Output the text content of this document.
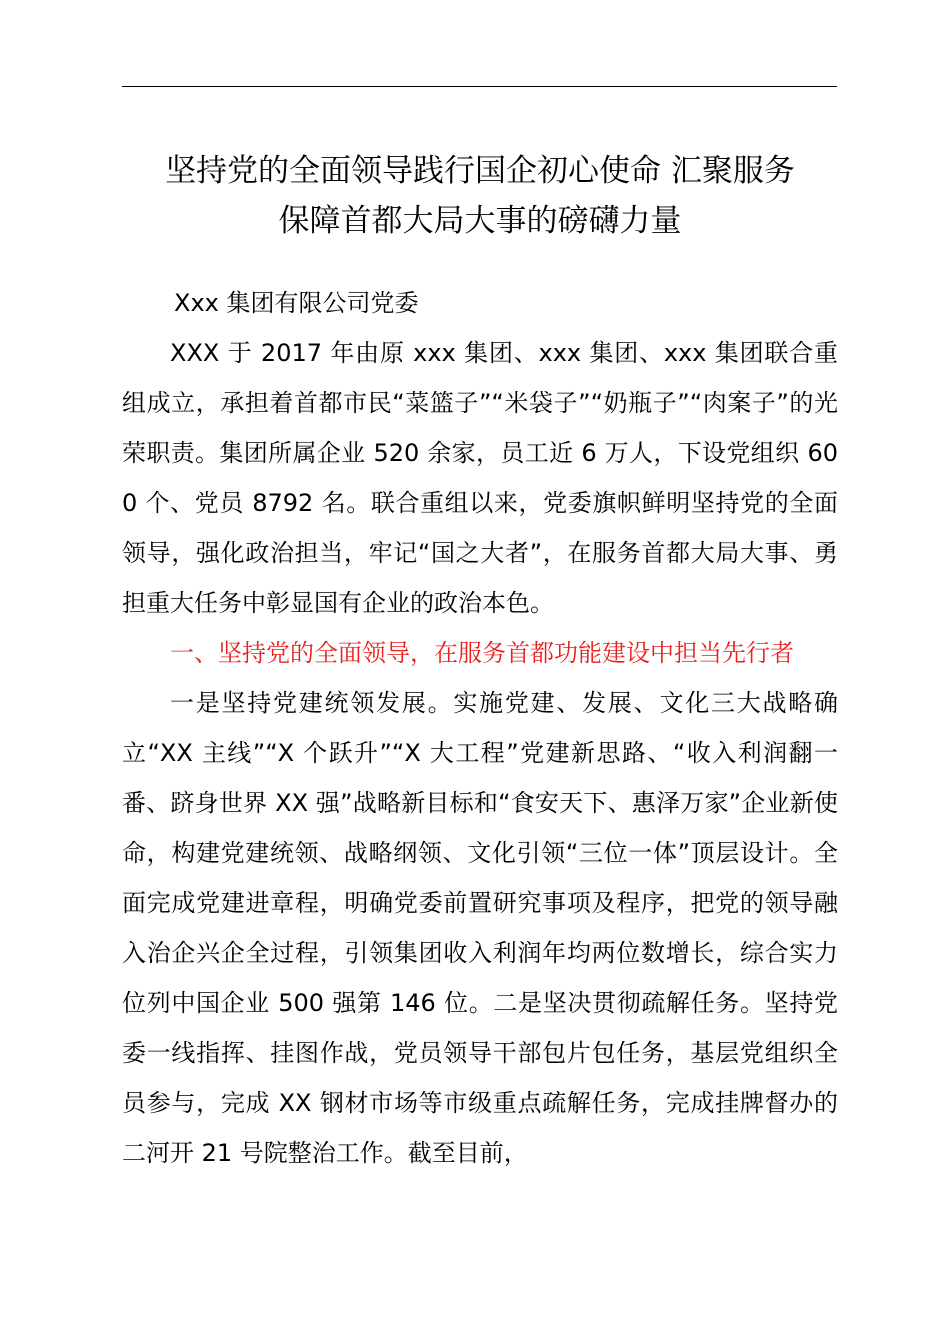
坚持党的全面领导践行国企初心使命 汇聚服务
保障首都大局大事的磅礴力量

Xxx 集团有限公司党委

XXX 于 2017 年由原 xxx 集团、xxx 集团、xxx 集团联合重组成立，承担着首都市民“菜篮子”“米袋子”“奶瓶子”“肉案子”的光荣职责。集团所属企业 520 余家，员工近 6 万人，下设党组织 600 个、党员 8792 名。联合重组以来，党委旗帜鲜明坚持党的全面领导，强化政治担当，牢记“国之大者”，在服务首都大局大事、勇担重大任务中彰显国有企业的政治本色。

一、坚持党的全面领导，在服务首都功能建设中担当先行者

一是坚持党建统领发展。实施党建、发展、文化三大战略确立“XX 主线”“X 个跃升”“X 大工程”党建新思路、“收入利润翻一番、跻身世界 XX 强”战略新目标和“食安天下、惠泽万家”企业新使命，构建党建统领、战略纲领、文化引领“三位一体”顶层设计。全面完成党建进章程，明确党委前置研究事项及程序，把党的领导融入治企兴企全过程，引领集团收入利润年均两位数增长，综合实力位列中国企业 500 强第 146 位。二是坚决贯彻疏解任务。坚持党委一线指挥、挂图作战，党员领导干部包片包任务，基层党组织全员参与，完成 XX 钢材市场等市级重点疏解任务，完成挂牌督办的二河开 21 号院整治工作。截至目前，
